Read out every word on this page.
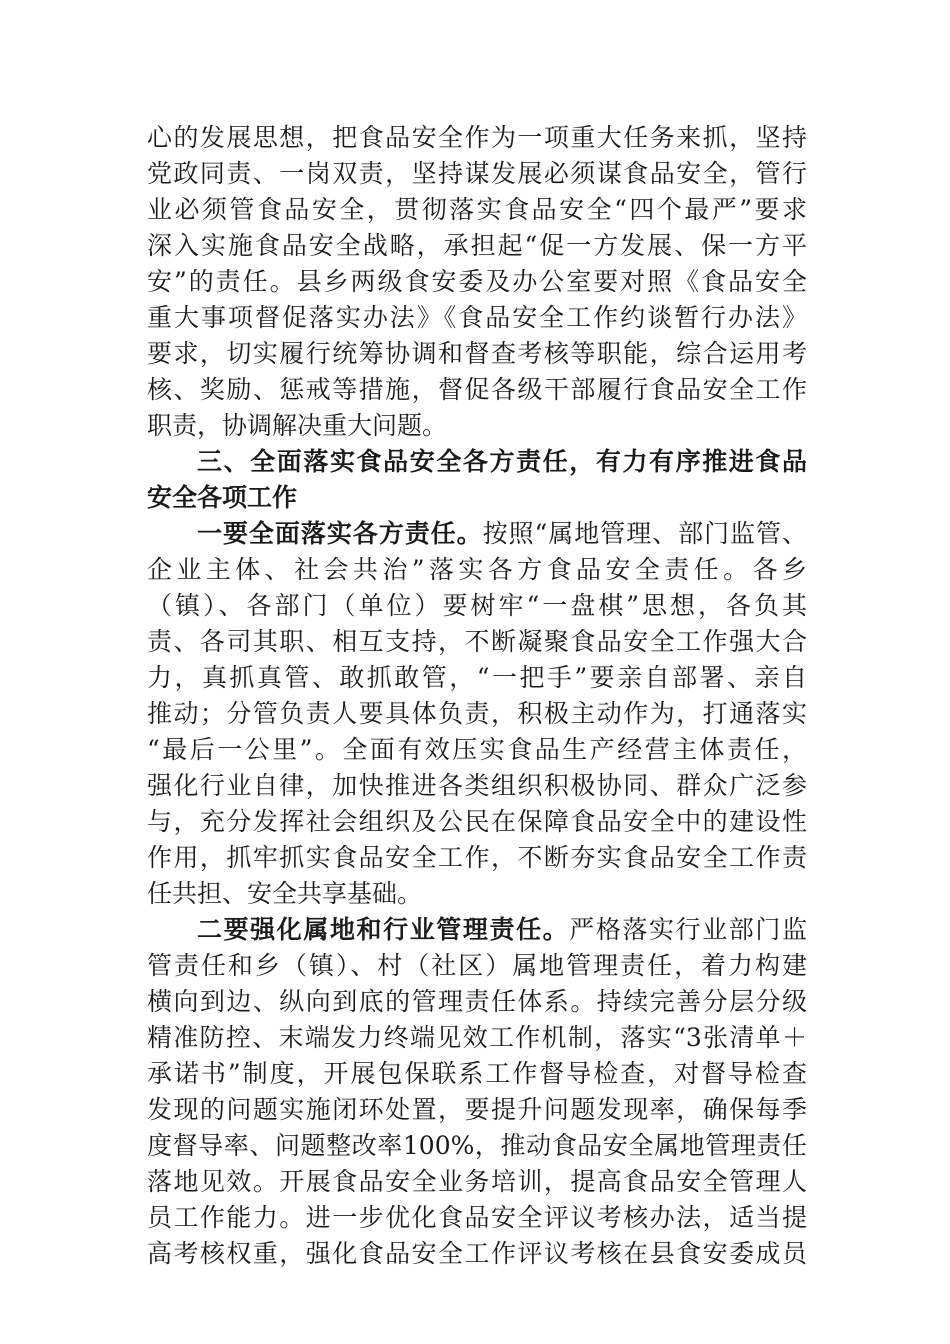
心的发展思想，把食品安全作为一项重大任务来抓，坚持
党政同责、一岗双责，坚持谋发展必须谋食品安全，管行
业必须管食品安全，贯彻落实食品安全“四个最严”要求
深入实施食品安全战略，承担起“促一方发展、保一方平
安”的责任。县乡两级食安委及办公室要对照《食品安全
重大事项督促落实办法》《食品安全工作约谈暂行办法》
要求，切实履行统筹协调和督查考核等职能，综合运用考
核、奖励、惩戒等措施，督促各级干部履行食品安全工作
职责，协调解决重大问题。
三、全面落实食品安全各方责任，有力有序推进食品
安全各项工作
一要全面落实各方责任。按照“属地管理、部门监管、
企业主体、社会共治”落实各方食品安全责任。各乡
（镇）、各部门（单位）要树牢“一盘棋”思想，各负其
责、各司其职、相互支持，不断凝聚食品安全工作强大合
力，真抓真管、敢抓敢管，“一把手”要亲自部署、亲自
推动；分管负责人要具体负责，积极主动作为，打通落实
“最后一公里”。全面有效压实食品生产经营主体责任，
强化行业自律，加快推进各类组织积极协同、群众广泛参
与，充分发挥社会组织及公民在保障食品安全中的建设性
作用，抓牢抓实食品安全工作，不断夯实食品安全工作责
任共担、安全共享基础。
二要强化属地和行业管理责任。严格落实行业部门监
管责任和乡（镇）、村（社区）属地管理责任，着力构建
横向到边、纵向到底的管理责任体系。持续完善分层分级
精准防控、末端发力终端见效工作机制，落实“3张清单＋
承诺书”制度，开展包保联系工作督导检查，对督导检查
发现的问题实施闭环处置，要提升问题发现率，确保每季
度督导率、问题整改率100%，推动食品安全属地管理责任
落地见效。开展食品安全业务培训，提高食品安全管理人
员工作能力。进一步优化食品安全评议考核办法，适当提
高考核权重，强化食品安全工作评议考核在县食安委成员
